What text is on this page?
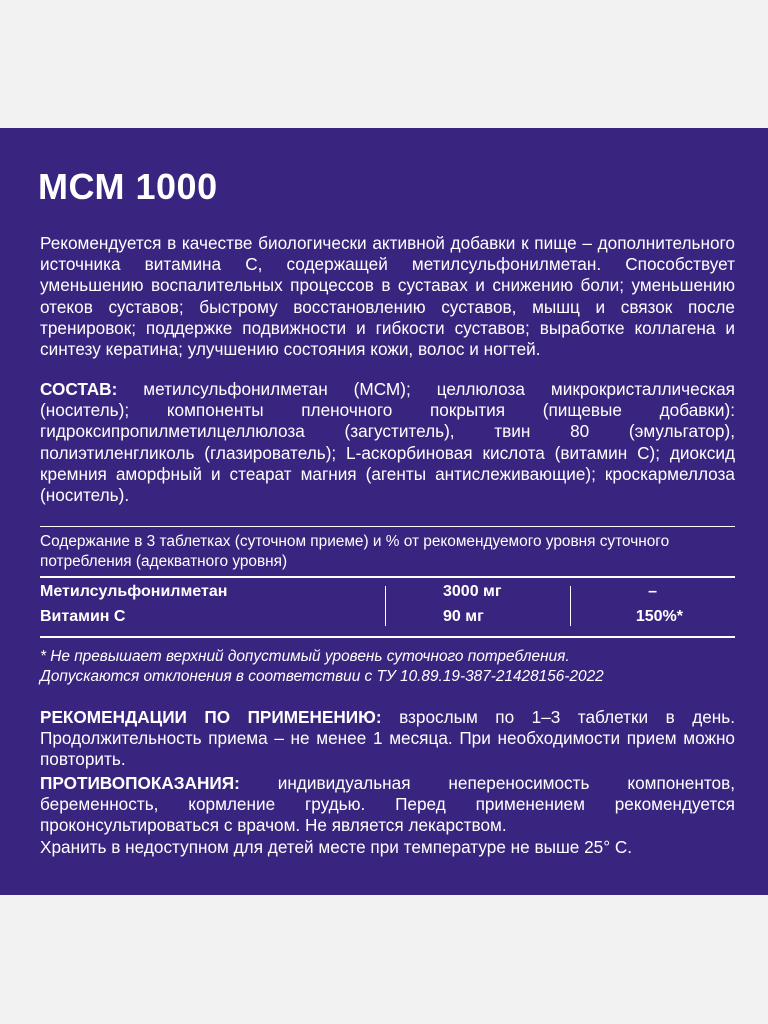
МСМ 1000
Рекомендуется в качестве биологически активной добавки к пище – дополнительного источника витамина С, содержащей метилсульфонилметан. Способствует уменьшению воспалительных процессов в суставах и снижению боли; уменьшению отеков суставов; быстрому восстановлению суставов, мышц и связок после тренировок; поддержке подвижности и гибкости суставов; выработке коллагена и синтезу кератина; улучшению состояния кожи, волос и ногтей.
СОСТАВ: метилсульфонилметан (МСМ); целлюлоза микрокристаллическая (носитель); компоненты пленочного покрытия (пищевые добавки): гидроксипропилметилцеллюлоза (загуститель), твин 80 (эмульгатор), полиэтиленгликоль (глазирователь); L-аскорбиновая кислота (витамин С); диоксид кремния аморфный и стеарат магния (агенты антислеживающие); кроскармеллоза (носитель).
Содержание в 3 таблетках (суточном приеме) и % от рекомендуемого уровня суточного потребления (адекватного уровня)
Метилсульфонилметан	3000 мг	–
Витамин С	90 мг	150%*
* Не превышает верхний допустимый уровень суточного потребления.
Допускаются отклонения в соответствии с ТУ 10.89.19-387-21428156-2022
РЕКОМЕНДАЦИИ ПО ПРИМЕНЕНИЮ: взрослым по 1–3 таблетки в день. Продолжительность приема – не менее 1 месяца. При необходимости прием можно повторить.
ПРОТИВОПОКАЗАНИЯ: индивидуальная непереносимость компонентов, беременность, кормление грудью. Перед применением рекомендуется проконсультироваться с врачом. Не является лекарством.
Хранить в недоступном для детей месте при температуре не выше 25° С.
